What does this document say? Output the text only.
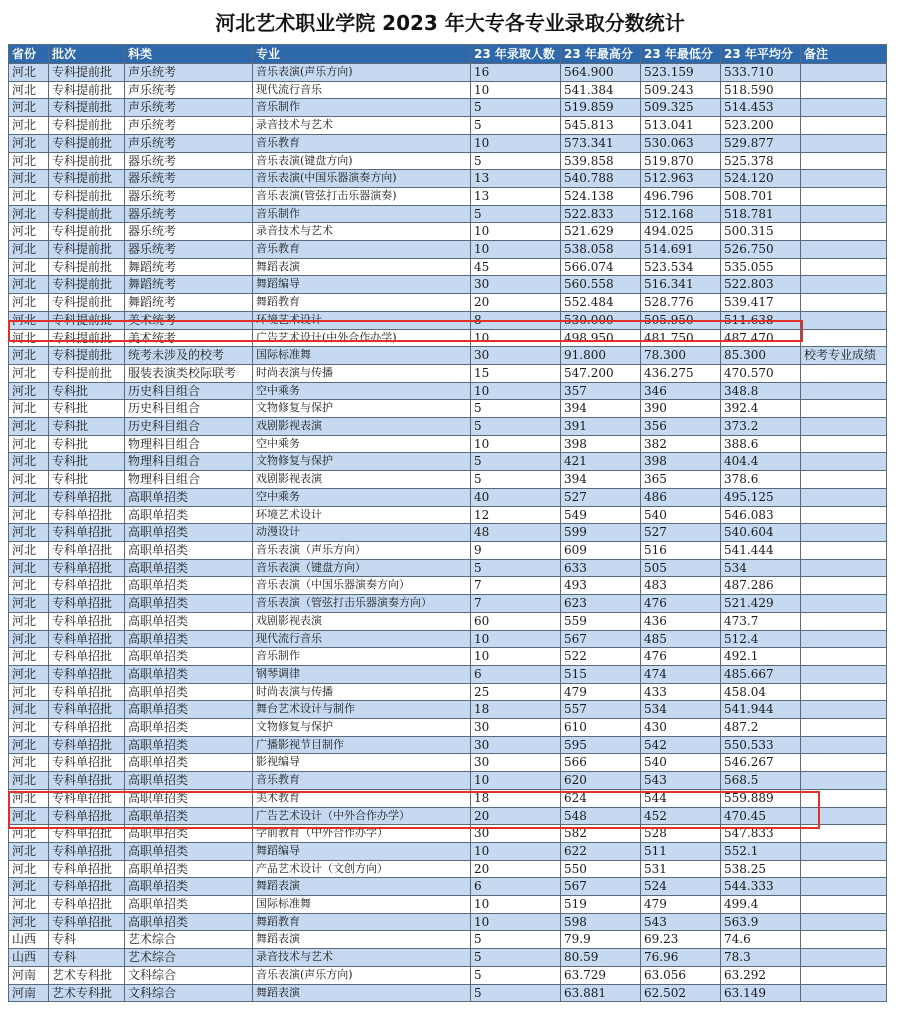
河北艺术职业学院 2023 年大专各专业录取分数统计
省份	批次	科类	专业	23 年录取人数	23 年最高分	23 年最低分	23 年平均分	备注
河北	专科提前批	声乐统考	音乐表演(声乐方向)	16	564.900	523.159	533.710	
河北	专科提前批	声乐统考	现代流行音乐	10	541.384	509.243	518.590	
河北	专科提前批	声乐统考	音乐制作	5	519.859	509.325	514.453	
河北	专科提前批	声乐统考	录音技术与艺术	5	545.813	513.041	523.200	
河北	专科提前批	声乐统考	音乐教育	10	573.341	530.063	529.877	
河北	专科提前批	器乐统考	音乐表演(键盘方向)	5	539.858	519.870	525.378	
河北	专科提前批	器乐统考	音乐表演(中国乐器演奏方向)	13	540.788	512.963	524.120	
河北	专科提前批	器乐统考	音乐表演(管弦打击乐器演奏)	13	524.138	496.796	508.701	
河北	专科提前批	器乐统考	音乐制作	5	522.833	512.168	518.781	
河北	专科提前批	器乐统考	录音技术与艺术	10	521.629	494.025	500.315	
河北	专科提前批	器乐统考	音乐教育	10	538.058	514.691	526.750	
河北	专科提前批	舞蹈统考	舞蹈表演	45	566.074	523.534	535.055	
河北	专科提前批	舞蹈统考	舞蹈编导	30	560.558	516.341	522.803	
河北	专科提前批	舞蹈统考	舞蹈教育	20	552.484	528.776	539.417	
河北	专科提前批	美术统考	环境艺术设计	8	530.000	505.950	511.638	
河北	专科提前批	美术统考	广告艺术设计(中外合作办学)	10	498.950	481.750	487.470	
河北	专科提前批	统考未涉及的校考	国际标准舞	30	91.800	78.300	85.300	校考专业成绩
河北	专科提前批	服装表演类校际联考	时尚表演与传播	15	547.200	436.275	470.570	
河北	专科批	历史科目组合	空中乘务	10	357	346	348.8	
河北	专科批	历史科目组合	文物修复与保护	5	394	390	392.4	
河北	专科批	历史科目组合	戏剧影视表演	5	391	356	373.2	
河北	专科批	物理科目组合	空中乘务	10	398	382	388.6	
河北	专科批	物理科目组合	文物修复与保护	5	421	398	404.4	
河北	专科批	物理科目组合	戏剧影视表演	5	394	365	378.6	
河北	专科单招批	高职单招类	空中乘务	40	527	486	495.125	
河北	专科单招批	高职单招类	环境艺术设计	12	549	540	546.083	
河北	专科单招批	高职单招类	动漫设计	48	599	527	540.604	
河北	专科单招批	高职单招类	音乐表演（声乐方向）	9	609	516	541.444	
河北	专科单招批	高职单招类	音乐表演（键盘方向）	5	633	505	534	
河北	专科单招批	高职单招类	音乐表演（中国乐器演奏方向）	7	493	483	487.286	
河北	专科单招批	高职单招类	音乐表演（管弦打击乐器演奏方向）	7	623	476	521.429	
河北	专科单招批	高职单招类	戏剧影视表演	60	559	436	473.7	
河北	专科单招批	高职单招类	现代流行音乐	10	567	485	512.4	
河北	专科单招批	高职单招类	音乐制作	10	522	476	492.1	
河北	专科单招批	高职单招类	钢琴调律	6	515	474	485.667	
河北	专科单招批	高职单招类	时尚表演与传播	25	479	433	458.04	
河北	专科单招批	高职单招类	舞台艺术设计与制作	18	557	534	541.944	
河北	专科单招批	高职单招类	文物修复与保护	30	610	430	487.2	
河北	专科单招批	高职单招类	广播影视节目制作	30	595	542	550.533	
河北	专科单招批	高职单招类	影视编导	30	566	540	546.267	
河北	专科单招批	高职单招类	音乐教育	10	620	543	568.5	
河北	专科单招批	高职单招类	美术教育	18	624	544	559.889	
河北	专科单招批	高职单招类	广告艺术设计（中外合作办学）	20	548	452	470.45	
河北	专科单招批	高职单招类	学前教育（中外合作办学）	30	582	528	547.833	
河北	专科单招批	高职单招类	舞蹈编导	10	622	511	552.1	
河北	专科单招批	高职单招类	产品艺术设计（文创方向）	20	550	531	538.25	
河北	专科单招批	高职单招类	舞蹈表演	6	567	524	544.333	
河北	专科单招批	高职单招类	国际标准舞	10	519	479	499.4	
河北	专科单招批	高职单招类	舞蹈教育	10	598	543	563.9	
山西	专科	艺术综合	舞蹈表演	5	79.9	69.23	74.6	
山西	专科	艺术综合	录音技术与艺术	5	80.59	76.96	78.3	
河南	艺术专科批	文科综合	音乐表演(声乐方向)	5	63.729	63.056	63.292	
河南	艺术专科批	文科综合	舞蹈表演	5	63.881	62.502	63.149	
